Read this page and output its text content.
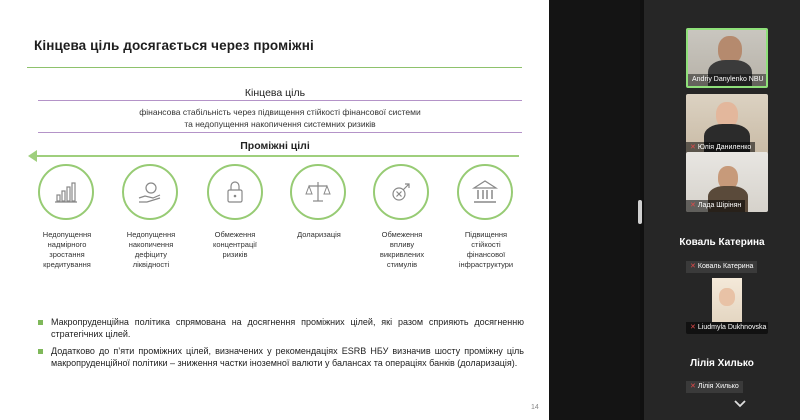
Кінцева ціль досягається через проміжні
Кінцева ціль
фінансова стабільність через підвищення стійкості фінансової системи
та недопущення накопичення системних ризиків
Проміжні цілі
Недопущення
надмірного
зростання
кредитування
Недопущення
накопичення
дефіциту
ліквідності
Обмеження
концентрації
ризиків
Доларизація	Обмеження
впливу
викривлених
стимулів
Підвищення
стійкості
фінансової
інфраструктури
Макропруденційна політика спрямована на досягнення проміжних цілей, які разом сприяють досягненню стратегічних цілей.
Додатково до п’яти проміжних цілей, визначених у рекомендаціях ESRB НБУ визначив шосту проміжну ціль макропруденційної політики – зниження частки іноземної валюти у балансах та операціях банків (доларизація).
14
Andriy Danylenko NBU
✕ Юлія Даниленко
✕ Лада Шірінян
Коваль Катерина
✕ Коваль Катерина
✕ Liudmyla Dukhnovska
Лілія Хилько
✕ Лілія Хилько
